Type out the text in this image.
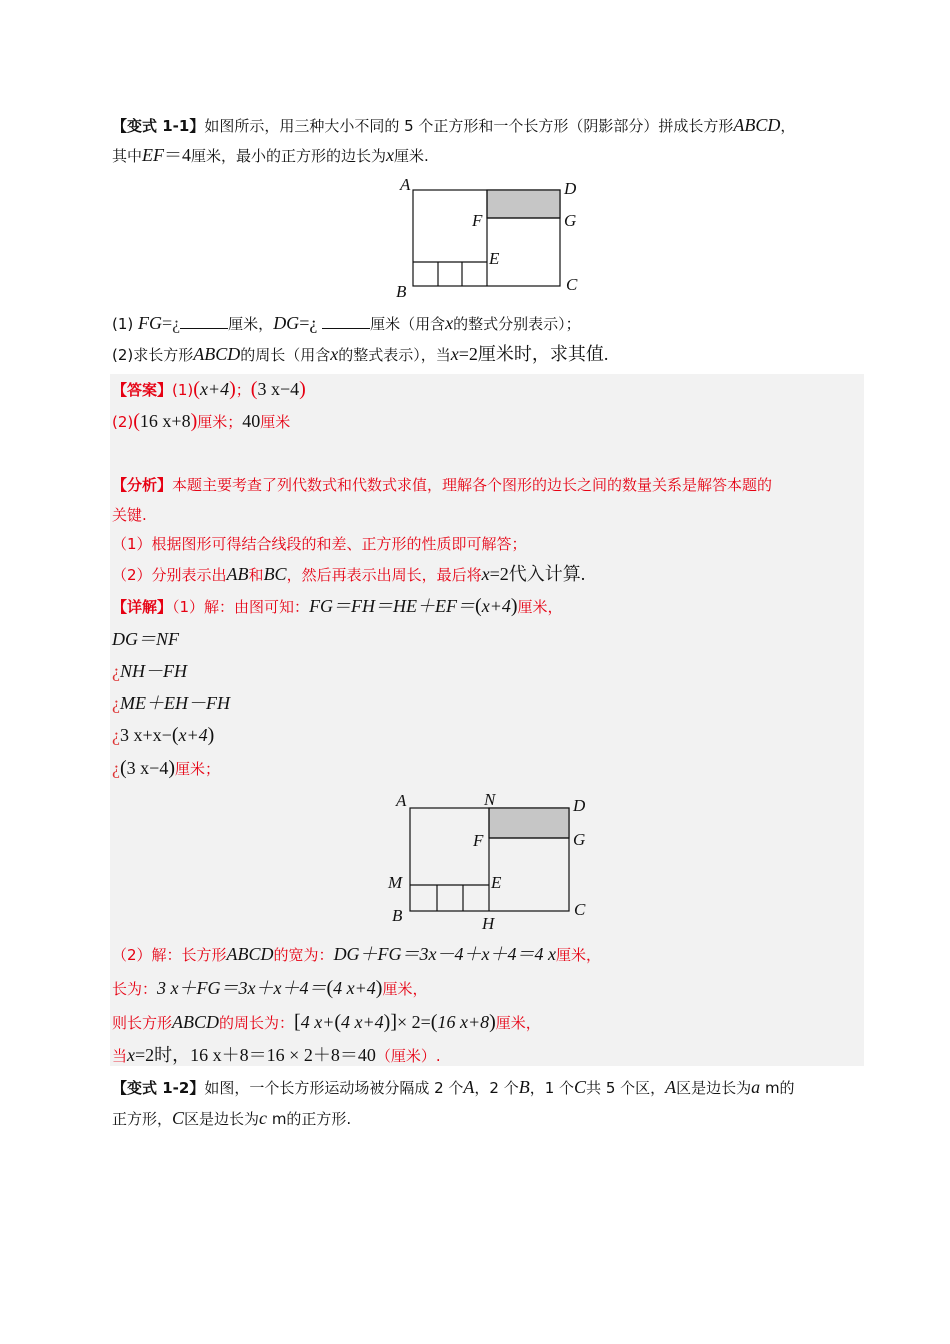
【变式 1-1】如图所示，用三种大小不同的 5 个正方形和一个长方形（阴影部分）拼成长方形ABCD，
其中EF＝4厘米，最小的正方形的边长为x厘米.
A	D
F	G
E
B	C
(1) FG=¿	厘米，DG=¿	厘米（用含x的整式分别表示）；
(2)求长方形ABCD的周长（用含x的整式表示），当x=2厘米时，求其值.
【答案】(1)(x+4)；(3 x−4)
(2)(16 x+8)厘米；40厘米
【分析】本题主要考查了列代数式和代数式求值，理解各个图形的边长之间的数量关系是解答本题的
关键.
（1）根据图形可得结合线段的和差、正方形的性质即可解答；
（2）分别表示出AB和BC，然后再表示出周长，最后将x=2代入计算.
【详解】（1）解：由图可知：FG＝FH＝HE＋EF＝(x+4)厘米，
DG＝NF
¿NH－FH
¿ME＋EH－FH
¿3 x+x−(x+4)
¿(3 x−4)厘米；
A	N	D
F	G
M	E
B	H
C
（2）解：长方形ABCD的宽为：DG＋FG＝3x－4＋x＋4＝4 x厘米，
长为：3 x＋FG＝3x＋x＋4＝(4 x+4)厘米，
则长方形ABCD的周长为：[4 x+(4 x+4)]× 2=(16 x+8)厘米，
当x=2时，16 x＋8＝16 × 2＋8＝40（厘米）.
【变式 1-2】如图，一个长方形运动场被分隔成 2 个A，2 个B，1 个C共 5 个区，A区是边长为a m的
正方形，C区是边长为c m的正方形.
